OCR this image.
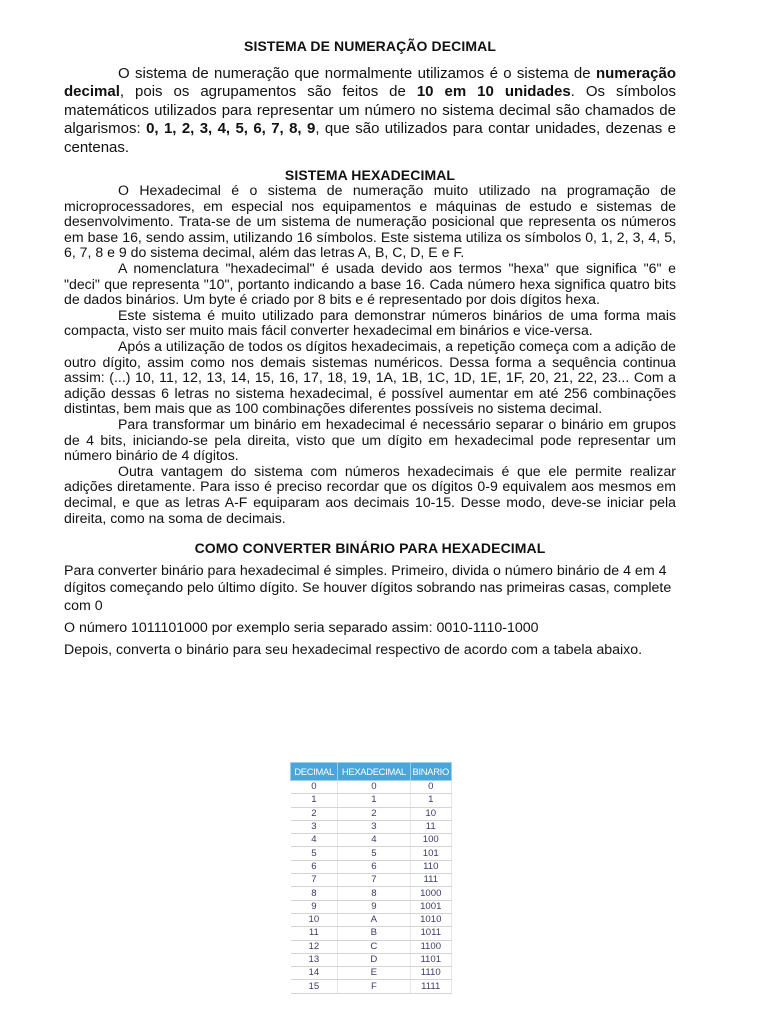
SISTEMA DE NUMERAÇÃO DECIMAL

O sistema de numeração que normalmente utilizamos é o sistema de numeração decimal, pois os agrupamentos são feitos de 10 em 10 unidades. Os símbolos matemáticos utilizados para representar um número no sistema decimal são chamados de algarismos: 0, 1, 2, 3, 4, 5, 6, 7, 8, 9, que são utilizados para contar unidades, dezenas e centenas.

SISTEMA HEXADECIMAL

O Hexadecimal é o sistema de numeração muito utilizado na programação de microprocessadores, em especial nos equipamentos e máquinas de estudo e sistemas de desenvolvimento. Trata-se de um sistema de numeração posicional que representa os números em base 16, sendo assim, utilizando 16 símbolos. Este sistema utiliza os símbolos 0, 1, 2, 3, 4, 5, 6, 7, 8 e 9 do sistema decimal, além das letras A, B, C, D, E e F.

A nomenclatura "hexadecimal" é usada devido aos termos "hexa" que significa "6" e "deci" que representa "10", portanto indicando a base 16. Cada número hexa significa quatro bits de dados binários. Um byte é criado por 8 bits e é representado por dois dígitos hexa.

Este sistema é muito utilizado para demonstrar números binários de uma forma mais compacta, visto ser muito mais fácil converter hexadecimal em binários e vice-versa.

Após a utilização de todos os dígitos hexadecimais, a repetição começa com a adição de outro dígito, assim como nos demais sistemas numéricos. Dessa forma a sequência continua assim: (...) 10, 11, 12, 13, 14, 15, 16, 17, 18, 19, 1A, 1B, 1C, 1D, 1E, 1F, 20, 21, 22, 23... Com a adição dessas 6 letras no sistema hexadecimal, é possível aumentar em até 256 combinações distintas, bem mais que as 100 combinações diferentes possíveis no sistema decimal.

Para transformar um binário em hexadecimal é necessário separar o binário em grupos de 4 bits, iniciando-se pela direita, visto que um dígito em hexadecimal pode representar um número binário de 4 dígitos.

Outra vantagem do sistema com números hexadecimais é que ele permite realizar adições diretamente. Para isso é preciso recordar que os dígitos 0-9 equivalem aos mesmos em decimal, e que as letras A-F equiparam aos decimais 10-15. Desse modo, deve-se iniciar pela direita, como na soma de decimais.

COMO CONVERTER BINÁRIO PARA HEXADECIMAL

Para converter binário para hexadecimal é simples. Primeiro, divida o número binário de 4 em 4 dígitos começando pelo último dígito. Se houver dígitos sobrando nas primeiras casas, complete com 0

O número 1011101000 por exemplo seria separado assim: 0010-1110-1000

Depois, converta o binário para seu hexadecimal respectivo de acordo com a tabela abaixo.

DECIMAL	HEXADECIMAL	BINARIO
0	0	0
1	1	1
2	2	10
3	3	11
4	4	100
5	5	101
6	6	110
7	7	111
8	8	1000
9	9	1001
10	A	1010
11	B	1011
12	C	1100
13	D	1101
14	E	1110
15	F	1111
